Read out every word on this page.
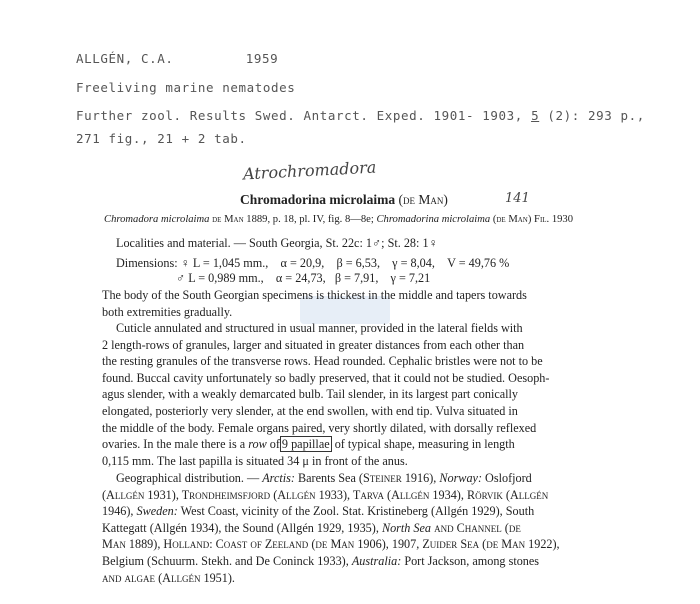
ALLGÉN, C.A.	1959
Freeliving marine nematodes
Further zool. Results Swed. Antarct. Exped. 1901- 1903, 5 (2): 293 p.,
271 fig., 21 + 2 tab.
Atrochromadora
141
Chromadorina microlaima (de Man)
Chromadora microlaima de Man 1889, p. 18, pl. IV, fig. 8—8e; Chromadorina microlaima (de Man) Fil. 1930
Localities and material. — South Georgia, St. 22c: 1♂; St. 28: 1♀
Dimensions: ♀ L = 1,045 mm.,    α = 20,9,    β = 6,53,    γ = 8,04,    V = 49,76 %
♂ L = 0,989 mm.,    α = 24,73,   β = 7,91,    γ = 7,21
The body of the South Georgian specimens is thickest in the middle and tapers towards
both extremities gradually.
Cuticle annulated and structured in usual manner, provided in the lateral fields with
2 length-rows of granules, larger and situated in greater distances from each other than
the resting granules of the transverse rows. Head rounded. Cephalic bristles were not to be
found. Buccal cavity unfortunately so badly preserved, that it could not be studied. Oesoph-
agus slender, with a weakly demarcated bulb. Tail slender, in its largest part conically
elongated, posteriorly very slender, at the end swollen, with end tip. Vulva situated in
the middle of the body. Female organs paired, very shortly dilated, with dorsally reflexed
ovaries. In the male there is a row of 9 papillae of typical shape, measuring in length
0,115 mm. The last papilla is situated 34 μ in front of the anus.
Geographical distribution. — Arctis: Barents Sea (Steiner 1916), Norway: Oslofjord
(Allgén 1931), Trondheimsfjord (Allgén 1933), Tarva (Allgén 1934), Rörvik (Allgén
1946), Sweden: West Coast, vicinity of the Zool. Stat. Kristineberg (Allgén 1929), South
Kattegatt (Allgén 1934), the Sound (Allgén 1929, 1935), North Sea and Channel (de
Man 1889), Holland: Coast of Zeeland (de Man 1906), 1907, Zuider Sea (de Man 1922),
Belgium (Schuurm. Stekh. and De Coninck 1933), Australia: Port Jackson, among stones
and algae (Allgén 1951).
